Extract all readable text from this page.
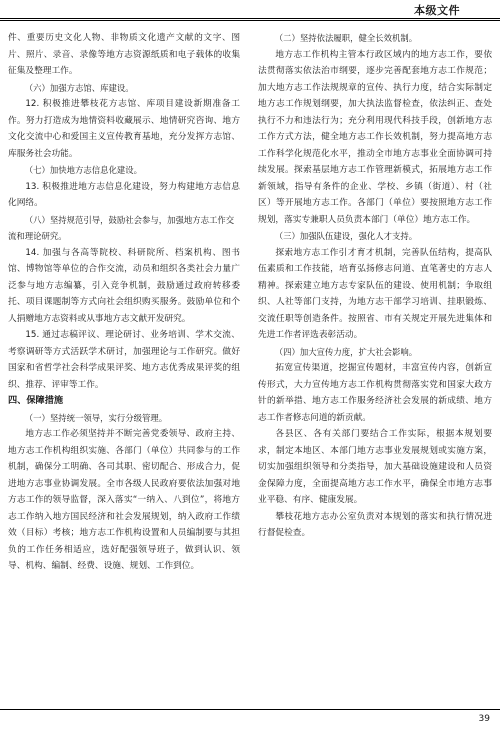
本级文件

件、重要历史文化人物、非物质文化遗产文献的文字、图片、照片、录音、录像等地方志资源纸质和电子载体的收集征集及整理工作。

（六）加强方志馆、库建设。

12. 积极推进攀枝花方志馆、库项目建设新期准备工作。努力打造成为地情资料收藏展示、地情研究咨询、地方文化交流中心和爱国主义宣传教育基地，充分发挥方志馆、库服务社会功能。

（七）加快地方志信息化建设。

13. 积极推进地方志信息化建设，努力构建地方志信息化网络。

（八）坚持规范引导，鼓励社会参与，加强地方志工作交流和理论研究。

14. 加强与各高等院校、科研院所、档案机构、图书馆、博物馆等单位的合作交流，动员和组织各类社会力量广泛参与地方志编纂，引入竞争机制，鼓励通过政府转移委托、项目课题制等方式向社会组织购买服务。鼓励单位和个人捐赠地方志资料或从事地方志文献开发研究。

15. 通过志稿评议、理论研讨、业务培训、学术交流、考察调研等方式活跃学术研讨，加强理论与工作研究。做好国家和省哲学社会科学成果评奖、地方志优秀成果评奖的组织、推荐、评审等工作。

四、保障措施

（一）坚持统一领导，实行分级管理。

地方志工作必须坚持并不断完善党委领导、政府主持、地方志工作机构组织实施、各部门（单位）共同参与的工作机制，确保分工明确、各司其职、密切配合、形成合力，促进地方志事业协调发展。全市各级人民政府要依法加强对地方志工作的领导监督，深入落实“一纳入、八到位”，将地方志工作纳入地方国民经济和社会发展规划，纳入政府工作绩效（目标）考核；地方志工作机构设置和人员编制要与其担负的工作任务相适应，选好配强领导班子，做到认识、领导、机构、编制、经费、设施、规划、工作到位。

（二）坚持依法履职，健全长效机制。

地方志工作机构主管本行政区域内的地方志工作，要依法贯彻落实依法治市纲要，逐步完善配套地方志工作规范；加大地方志工作法规规章的宣传、执行力度，结合实际制定地方志工作规划纲要，加大执法监督检查，依法纠正、查处执行不力和违法行为；充分利用现代科技手段，创新地方志工作方式方法，健全地方志工作长效机制，努力提高地方志工作科学化规范化水平，推动全市地方志事业全面协调可持续发展。探索基层地方志工作管理新模式，拓展地方志工作新领域，指导有条件的企业、学校、乡镇（街道）、村（社区）等开展地方志工作。各部门（单位）要按照地方志工作规划，落实专兼职人员负责本部门（单位）地方志工作。

（三）加强队伍建设，强化人才支持。

探索地方志工作引才育才机制，完善队伍结构，提高队伍素质和工作技能，培育弘扬修志问道、直笔著史的方志人精神。探索建立地方志专家队伍的建设、使用机制；争取组织、人社等部门支持，为地方志干部学习培训、挂职锻炼、交流任职等创造条件。按照省、市有关规定开展先进集体和先进工作者评选表彰活动。

（四）加大宣传力度，扩大社会影响。

拓宽宣传渠道，挖掘宣传题材，丰富宣传内容，创新宣传形式，大力宣传地方志工作机构贯彻落实党和国家大政方针的新举措、地方志工作服务经济社会发展的新成绩、地方志工作者修志问道的新贡献。

各县区、各有关部门要结合工作实际，根据本规划要求，制定本地区、本部门地方志事业发展规划或实施方案，切实加强组织领导和分类指导，加大基础设施建设和人员资金保障力度，全面提高地方志工作水平，确保全市地方志事业平稳、有序、健康发展。

攀枝花地方志办公室负责对本规划的落实和执行情况进行督促检查。

39
